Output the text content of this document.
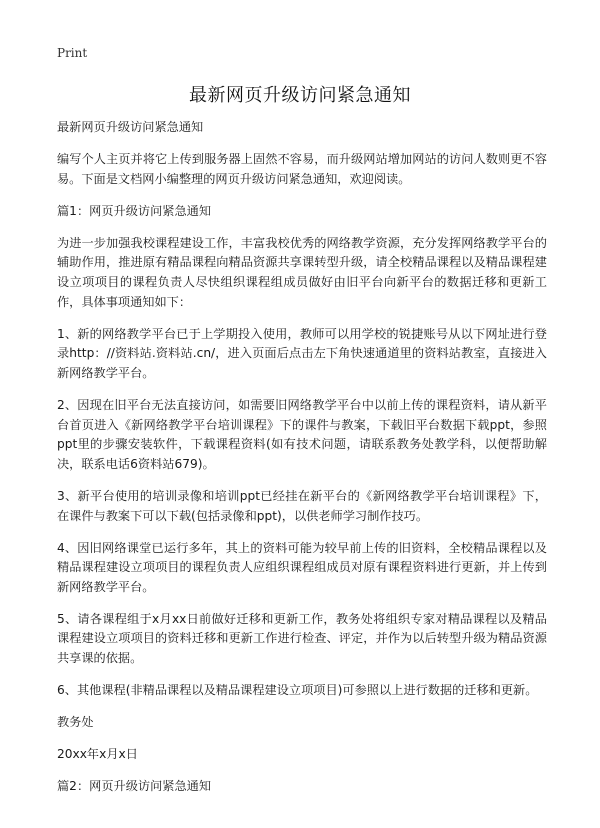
Print
最新网页升级访问紧急通知

最新网页升级访问紧急通知

编写个人主页并将它上传到服务器上固然不容易，而升级网站增加网站的访问人数则更不容易。下面是文档网小编整理的网页升级访问紧急通知，欢迎阅读。

篇1：网页升级访问紧急通知

为进一步加强我校课程建设工作，丰富我校优秀的网络教学资源，充分发挥网络教学平台的辅助作用，推进原有精品课程向精品资源共享课转型升级，请全校精品课程以及精品课程建设立项项目的课程负责人尽快组织课程组成员做好由旧平台向新平台的数据迁移和更新工作，具体事项通知如下：

1、新的网络教学平台已于上学期投入使用，教师可以用学校的锐捷账号从以下网址进行登录http：//资料站.资料站.cn/，进入页面后点击左下角快速通道里的资料站教室，直接进入新网络教学平台。

2、因现在旧平台无法直接访问，如需要旧网络教学平台中以前上传的课程资料，请从新平台首页进入《新网络教学平台培训课程》下的课件与教案，下载旧平台数据下载ppt，参照ppt里的步骤安装软件，下载课程资料(如有技术问题，请联系教务处教学科，以便帮助解决，联系电话6资料站679)。

3、新平台使用的培训录像和培训ppt已经挂在新平台的《新网络教学平台培训课程》下，在课件与教案下可以下载(包括录像和ppt)，以供老师学习制作技巧。

4、因旧网络课堂已运行多年，其上的资料可能为较早前上传的旧资料，全校精品课程以及精品课程建设立项项目的课程负责人应组织课程组成员对原有课程资料进行更新，并上传到新网络教学平台。

5、请各课程组于x月xx日前做好迁移和更新工作，教务处将组织专家对精品课程以及精品课程建设立项项目的资料迁移和更新工作进行检查、评定，并作为以后转型升级为精品资源共享课的依据。

6、其他课程(非精品课程以及精品课程建设立项项目)可参照以上进行数据的迁移和更新。

教务处

20xx年x月x日

篇2：网页升级访问紧急通知
